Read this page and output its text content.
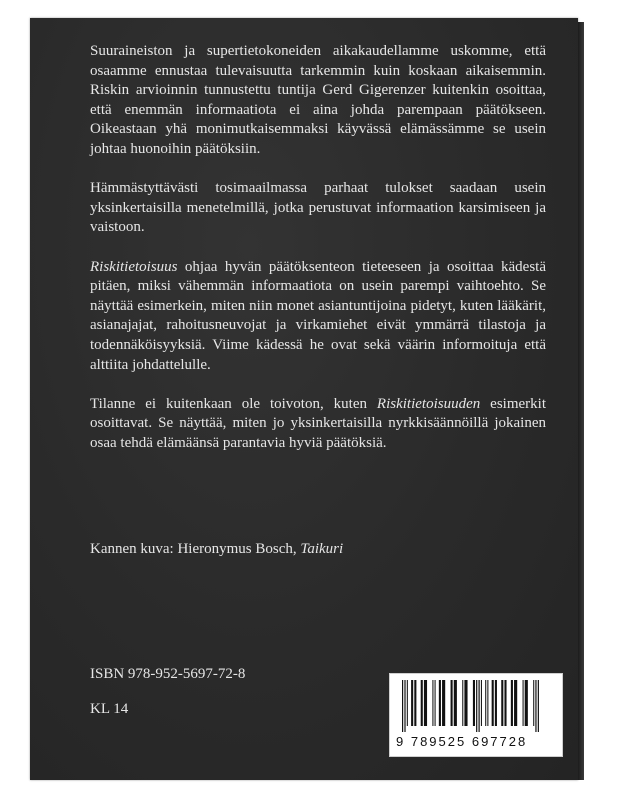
Suuraineiston ja supertietokoneiden aikakaudellamme uskomme, että osaamme ennustaa tulevaisuutta tarkemmin kuin koskaan aikaisemmin. Riskin arvioinnin tunnustettu tuntija Gerd Gigerenzer kuitenkin osoittaa, että enemmän informaatiota ei aina johda parempaan päätökseen. Oikeastaan yhä monimutkaisemmaksi käyvässä elämässämme se usein johtaa huonoihin päätöksiin.

Hämmästyttävästi tosimaailmassa parhaat tulokset saadaan usein yksinkertaisilla menetelmillä, jotka perustuvat informaation karsimiseen ja vaistoon.

Riskitietoisuus ohjaa hyvän päätöksenteon tieteeseen ja osoittaa kädestä pitäen, miksi vähemmän informaatiota on usein parempi vaihtoehto. Se näyttää esimerkein, miten niin monet asiantuntijoina pidetyt, kuten lääkärit, asianajajat, rahoitusneuvojat ja virkamiehet eivät ymmärrä tilastoja ja todennäköisyyksiä. Viime kädessä he ovat sekä väärin informoituja että alttiita johdattelulle.

Tilanne ei kuitenkaan ole toivoton, kuten Riskitietoisuuden esimerkit osoittavat. Se näyttää, miten jo yksinkertaisilla nyrkkisäännöillä jokainen osaa tehdä elämäänsä parantavia hyviä päätöksiä.

Kannen kuva: Hieronymus Bosch, Taikuri
ISBN 978-952-5697-72-8
KL 14
9 789525 697728
